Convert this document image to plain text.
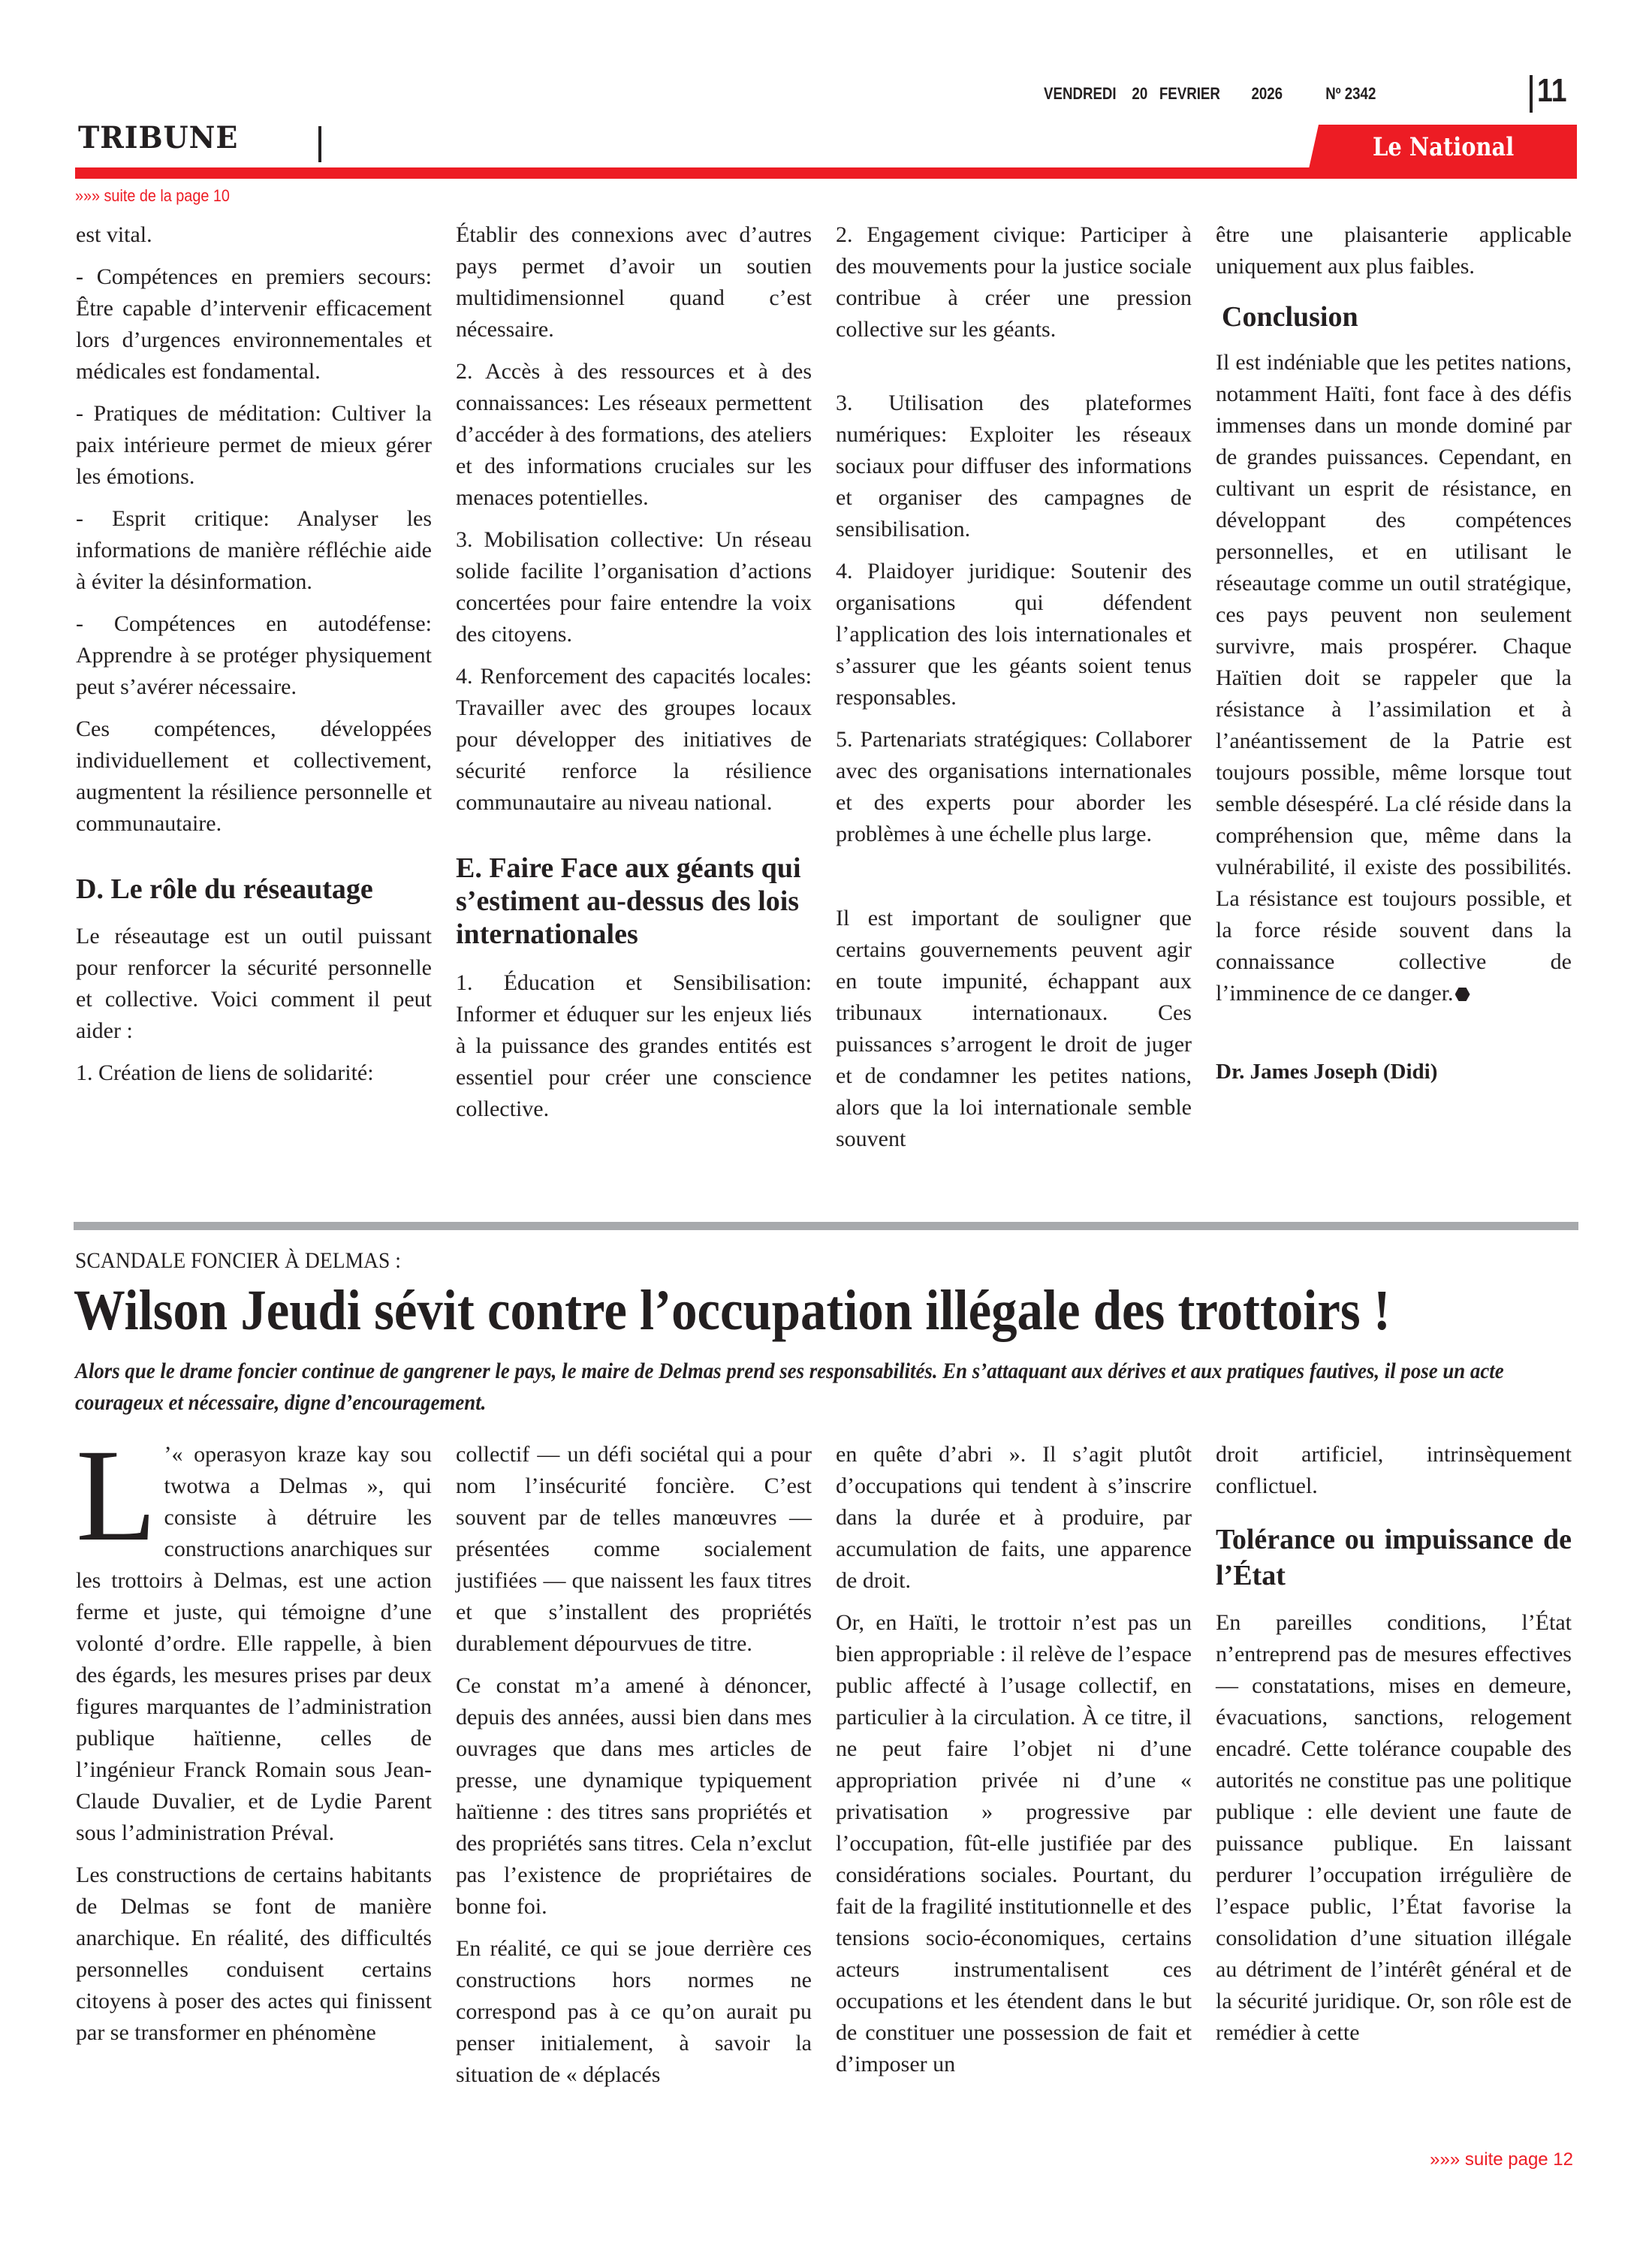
VENDREDI 20 FEVRIER 2026	Nº 2342	11
TRIBUNE	Le National
»»» suite de la page 10

est vital.

- Compétences en premiers secours: Être capable d’intervenir efficacement lors d’urgences environnementales et médicales est fondamental.

- Pratiques de méditation: Cultiver la paix intérieure permet de mieux gérer les émotions.

- Esprit critique: Analyser les informations de manière réfléchie aide à éviter la désinformation.

- Compétences en autodéfense: Apprendre à se protéger physiquement peut s’avérer nécessaire.

Ces compétences, développées individuellement et collectivement, augmentent la résilience personnelle et communautaire.

D. Le rôle du réseautage

Le réseautage est un outil puissant pour renforcer la sécurité personnelle et collective. Voici comment il peut aider :

1. Création de liens de solidarité:

Établir des connexions avec d’autres pays permet d’avoir un soutien multidimensionnel quand c’est nécessaire.

2. Accès à des ressources et à des connaissances: Les réseaux permettent d’accéder à des formations, des ateliers et des informations cruciales sur les menaces potentielles.

3. Mobilisation collective: Un réseau solide facilite l’organisation d’actions concertées pour faire entendre la voix des citoyens.

4. Renforcement des capacités locales: Travailler avec des groupes locaux pour développer des initiatives de sécurité renforce la résilience communautaire au niveau national.

E. Faire Face aux géants qui s’estiment au-dessus des lois internationales

1. Éducation et Sensibilisation: Informer et éduquer sur les enjeux liés à la puissance des grandes entités est essentiel pour créer une conscience collective.

2. Engagement civique: Participer à des mouvements pour la justice sociale contribue à créer une pression collective sur les géants.

3. Utilisation des plateformes numériques: Exploiter les réseaux sociaux pour diffuser des informations et organiser des campagnes de sensibilisation.

4. Plaidoyer juridique: Soutenir des organisations qui défendent l’application des lois internationales et s’assurer que les géants soient tenus responsables.

5. Partenariats stratégiques: Collaborer avec des organisations internationales et des experts pour aborder les problèmes à une échelle plus large.

Il est important de souligner que certains gouvernements peuvent agir en toute impunité, échappant aux tribunaux internationaux. Ces puissances s’arrogent le droit de juger et de condamner les petites nations, alors que la loi internationale semble souvent

être une plaisanterie applicable uniquement aux plus faibles.

Conclusion

Il est indéniable que les petites nations, notamment Haïti, font face à des défis immenses dans un monde dominé par de grandes puissances. Cependant, en cultivant un esprit de résistance, en développant des compétences personnelles, et en utilisant le réseautage comme un outil stratégique, ces pays peuvent non seulement survivre, mais prospérer. Chaque Haïtien doit se rappeler que la résistance à l’assimilation et à l’anéantissement de la Patrie est toujours possible, même lorsque tout semble désespéré. La clé réside dans la compréhension que, même dans la vulnérabilité, il existe des possibilités. La résistance est toujours possible, et la force réside souvent dans la connaissance collective de l’imminence de ce danger.

Dr. James Joseph (Didi)

SCANDALE FONCIER À DELMAS :
Wilson Jeudi sévit contre l’occupation illégale des trottoirs !
Alors que le drame foncier continue de gangrener le pays, le maire de Delmas prend ses responsabilités. En s’attaquant aux dérives et aux pratiques fautives, il pose un acte courageux et nécessaire, digne d’encouragement.

L ’« operasyon kraze kay sou twotwa a Delmas », qui consiste à détruire les constructions anarchiques sur les trottoirs à Delmas, est une action ferme et juste, qui témoigne d’une volonté d’ordre. Elle rappelle, à bien des égards, les mesures prises par deux figures marquantes de l’administration publique haïtienne, celles de l’ingénieur Franck Romain sous Jean-Claude Duvalier, et de Lydie Parent sous l’administration Préval.

Les constructions de certains habitants de Delmas se font de manière anarchique. En réalité, des difficultés personnelles conduisent certains citoyens à poser des actes qui finissent par se transformer en phénomène

collectif — un défi sociétal qui a pour nom l’insécurité foncière. C’est souvent par de telles manœuvres — présentées comme socialement justifiées — que naissent les faux titres et que s’installent des propriétés durablement dépourvues de titre.

Ce constat m’a amené à dénoncer, depuis des années, aussi bien dans mes ouvrages que dans mes articles de presse, une dynamique typiquement haïtienne : des titres sans propriétés et des propriétés sans titres. Cela n’exclut pas l’existence de propriétaires de bonne foi.

En réalité, ce qui se joue derrière ces constructions hors normes ne correspond pas à ce qu’on aurait pu penser initialement, à savoir la situation de « déplacés

en quête d’abri ». Il s’agit plutôt d’occupations qui tendent à s’inscrire dans la durée et à produire, par accumulation de faits, une apparence de droit.

Or, en Haïti, le trottoir n’est pas un bien appropriable : il relève de l’espace public affecté à l’usage collectif, en particulier à la circulation. À ce titre, il ne peut faire l’objet ni d’une appropriation privée ni d’une « privatisation » progressive par l’occupation, fût-elle justifiée par des considérations sociales. Pourtant, du fait de la fragilité institutionnelle et des tensions socio-économiques, certains acteurs instrumentalisent ces occupations et les étendent dans le but de constituer une possession de fait et d’imposer un

droit artificiel, intrinsèquement conflictuel.

Tolérance ou impuissance de l’État

En pareilles conditions, l’État n’entreprend pas de mesures effectives — constatations, mises en demeure, évacuations, sanctions, relogement encadré. Cette tolérance coupable des autorités ne constitue pas une politique publique : elle devient une faute de puissance publique. En laissant perdurer l’occupation irrégulière de l’espace public, l’État favorise la consolidation d’une situation illégale au détriment de l’intérêt général et de la sécurité juridique. Or, son rôle est de remédier à cette

»»» suite page 12
